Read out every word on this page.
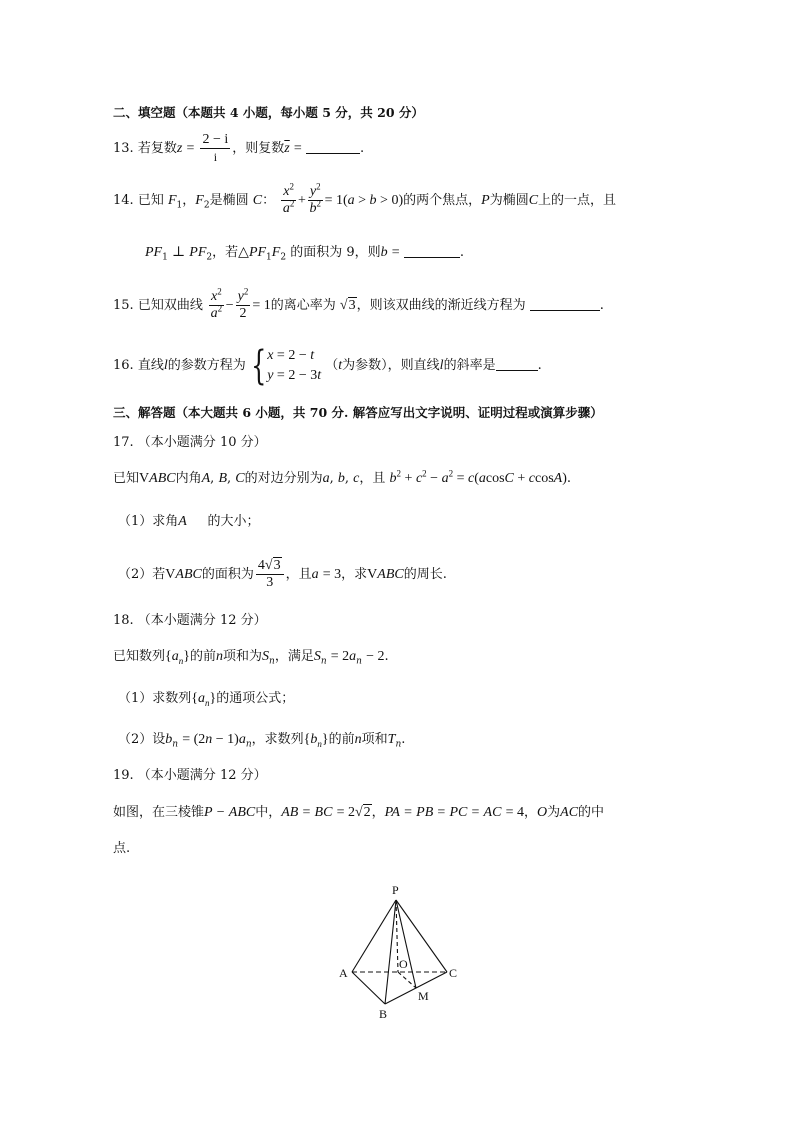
二、填空题（本题共 4 小题，每小题 5 分，共 20 分）
13. 若复数$z = \frac{2 - i}{i}$ ，则复数$\overline{z}$ =	.
14. 已知 $F_1$，$F_2$是椭圆 C： $\frac{x^2}{a^2} + \frac{y^2}{b^2} = 1(a > b > 0)$的两个焦点，P为椭圆C上的一点，且
$PF_1$ ⊥ $PF_2$，若$\triangle PF_1F_2$ 的面积为 9，则b =	.
15. 已知双曲线 $\frac{x^2}{a^2} - \frac{y^2}{2} = 1$的离心率为 √3，则该双曲线的渐近线方程为	.
16. 直线l的参数方程为 {x = 2 − t
y = 2 − 3t （t为参数），则直线l的斜率是	.
三、解答题（本大题共 6 小题，共 70 分. 解答应写出文字说明、证明过程或演算步骤）
17. （本小题满分 10 分）
已知VABC内角A, B, C的对边分别为a, b, c，且 $b^2 + c^2 - a^2 = c(acosC + ccosA)$.
（1）求角A 的大小；
（2）若VABC的面积为 $\frac{4√3}{3}$ ，且a = 3，求VABC的周长.
18. （本小题满分 12 分）
已知数列$\{a_n\}$的前n项和为$S_n$，满足$S_n = 2a_n - 2$.
（1）求数列$\{a_n\}$的通项公式；
（2）设$b_n = (2n - 1)a_n$，求数列$\{b_n\}$的前n项和$T_n$.
19. （本小题满分 12 分）
如图，在三棱锥P − ABC中，AB = BC = 2√2，PA = PB = PC = AC = 4，O为AC的中
点.
P
A
B
C
O
M
